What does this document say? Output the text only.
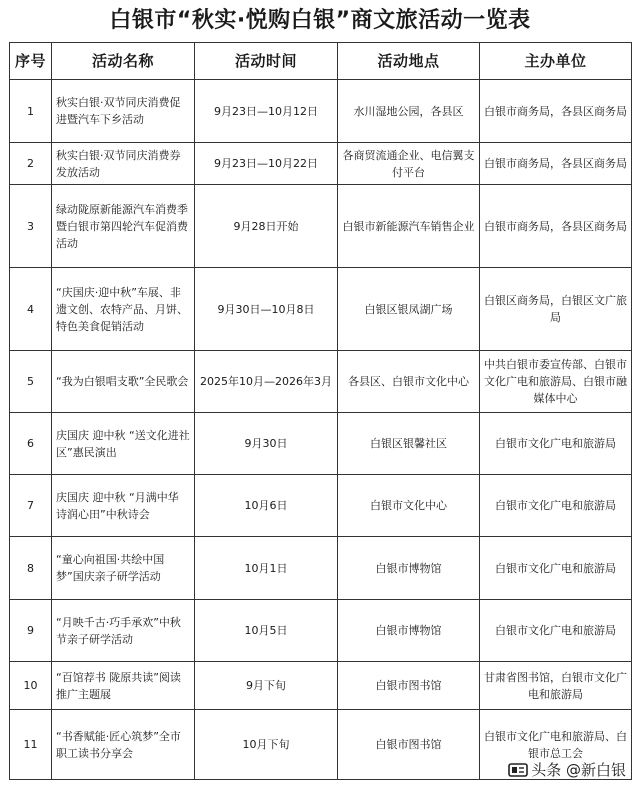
白银市“秋实·悦购白银”商文旅活动一览表
序号	活动名称	活动时间	活动地点	主办单位
1	秋实白银·双节同庆消费促进暨汽车下乡活动	9月23日—10月12日	水川湿地公园，各县区	白银市商务局，各县区商务局
2	秋实白银·双节同庆消费券发放活动	9月23日—10月22日	各商贸流通企业、电信翼支付平台	白银市商务局，各县区商务局
3	绿动陇原新能源汽车消费季暨白银市第四轮汽车促消费活动	9月28日开始	白银市新能源汽车销售企业	白银市商务局，各县区商务局
4	“庆国庆·迎中秋”车展、非遗文创、农特产品、月饼、特色美食促销活动	9月30日—10月8日	白银区银凤湖广场	白银区商务局，白银区文广旅局
5	“我为白银唱支歌”全民歌会	2025年10月—2026年3月	各县区、白银市文化中心	中共白银市委宣传部、白银市文化广电和旅游局、白银市融媒体中心
6	庆国庆 迎中秋 “送文化进社区”惠民演出	9月30日	白银区银馨社区	白银市文化广电和旅游局
7	庆国庆 迎中秋 “月满中华 诗润心田”中秋诗会	10月6日	白银市文化中心	白银市文化广电和旅游局
8	“童心向祖国·共绘中国梦”国庆亲子研学活动	10月1日	白银市博物馆	白银市文化广电和旅游局
9	“月映千古·巧手承欢”中秋节亲子研学活动	10月5日	白银市博物馆	白银市文化广电和旅游局
10	“百馆荐书 陇原共读”阅读推广主题展	9月下旬	白银市图书馆	甘肃省图书馆，白银市文化广电和旅游局
11	“书香赋能·匠心筑梦”全市职工读书分享会	10月下旬	白银市图书馆	白银市文化广电和旅游局、白银市总工会
头条 @新白银
